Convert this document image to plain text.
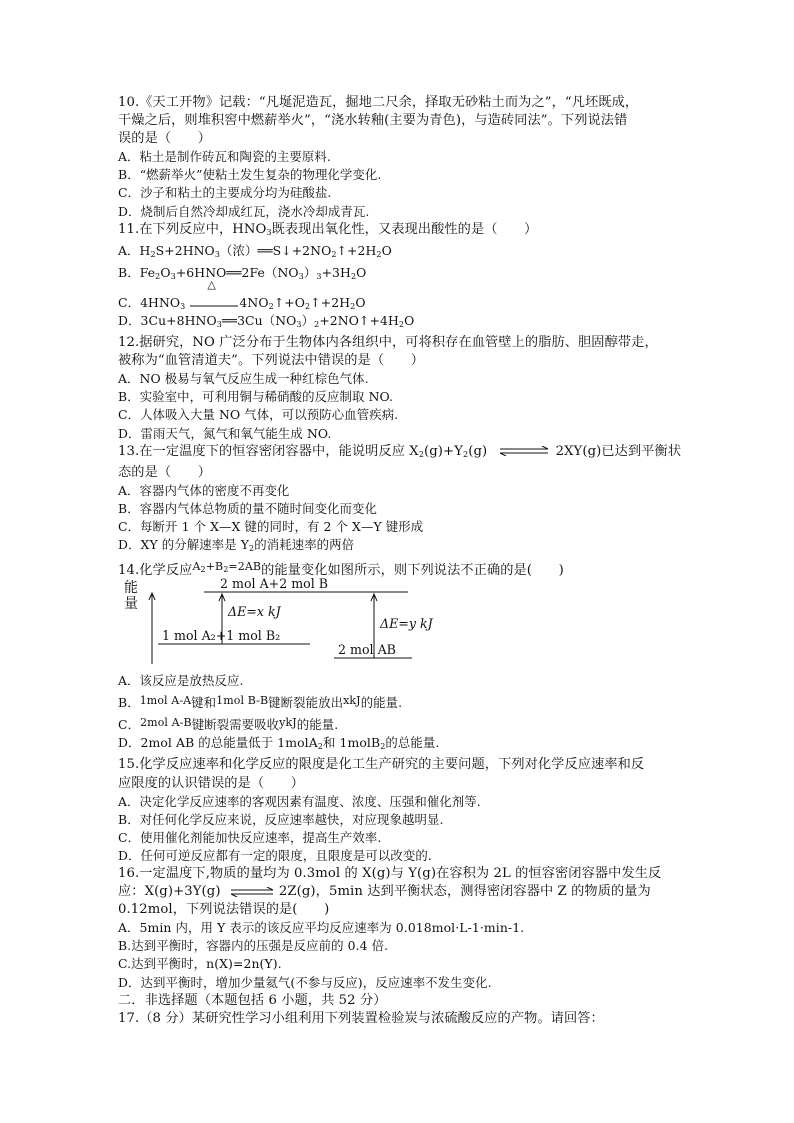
10.《天工开物》记载：“凡埏泥造瓦，掘地二尺余，择取无砂粘土而为之”，“凡坯既成，
干燥之后，则堆积窖中燃薪举火”，“浇水转釉(主要为青色)，与造砖同法”。下列说法错
误的是（　　）
A．粘土是制作砖瓦和陶瓷的主要原料.
B．“燃薪举火”使粘土发生复杂的物理化学变化.
C．沙子和粘土的主要成分均为硅酸盐.
D．烧制后自然冷却成红瓦，浇水冷却成青瓦.
11.在下列反应中，$HNO_3$既表现出氧化性，又表现出酸性的是（　　）
A．$H_2S+2HNO_3$（浓）$══S↓+2NO_2↑+2H_2O$
B．$Fe_2O_3+6HNO══2Fe(NO_3)_3+3H_2O$
C．$4HNO_3$
△
$4NO_2↑+O_2↑+2H_2O$
D．$3Cu+8HNO_3══3Cu(NO_3)_2+2NO↑+4H_2O$
12.据研究，NO 广泛分布于生物体内各组织中，可将积存在血管壁上的脂肪、胆固醇带走，
被称为“血管清道夫”。下列说法中错误的是（　　）
A．NO 极易与氧气反应生成一种红棕色气体.
B．实验室中，可利用铜与稀硝酸的反应制取 NO.
C．人体吸入大量 NO 气体，可以预防心血管疾病.
D．雷雨天气，氮气和氧气能生成 NO.
13.在一定温度下的恒容密闭容器中，能说明反应 $X_2(g)+Y_2(g)$ ⇌ 2XY(g)已达到平衡状
态的是（　　）
A．容器内气体的密度不再变化
B．容器内气体总物质的量不随时间变化而变化
C．每断开 1 个 X—X 键的同时，有 2 个 X—Y 键形成
D．XY 的分解速率是 $Y_2$的消耗速率的两倍
14.化学反应$^{A_2+B_2=2AB}$的能量变化如图所示，则下列说法不正确的是(　　)
能量
2 mol A+2 mol B
ΔE=x kJ
ΔE=y kJ
1 mol A₂+1 mol B₂
2 mol AB
A．该反应是放热反应.
B．1mol A-A键和1mol B-B键断裂能放出xkJ的能量.
C．2mol A-B键断裂需要吸收ykJ的能量.
D．2mol AB 的总能量低于 1molA$_2$和 1molB$_2$的总能量.
15.化学反应速率和化学反应的限度是化工生产研究的主要问题，下列对化学反应速率和反
应限度的认识错误的是（　　）
A．决定化学反应速率的客观因素有温度、浓度、压强和催化剂等.
B．对任何化学反应来说，反应速率越快，对应现象越明显.
C．使用催化剂能加快反应速率，提高生产效率.
D．任何可逆反应都有一定的限度，且限度是可以改变的.
16.一定温度下,物质的量均为 0.3mol 的 X(g)与 Y(g)在容积为 2L 的恒容密闭容器中发生反
应：X(g)+3Y(g) ⇌ 2Z(g)，5min 达到平衡状态，测得密闭容器中 Z 的物质的量为
0.12mol，下列说法错误的是(　　)
A．5min 内，用 Y 表示的该反应平均反应速率为 0.018mol·L-1·min-1.
B.达到平衡时，容器内的压强是反应前的 0.4 倍.
C.达到平衡时，n(X)=2n(Y).
D．达到平衡时，增加少量氦气(不参与反应)，反应速率不发生变化.
二．非选择题（本题包括 6 小题，共 52 分）
17.（8 分）某研究性学习小组利用下列装置检验炭与浓硫酸反应的产物。请回答：
